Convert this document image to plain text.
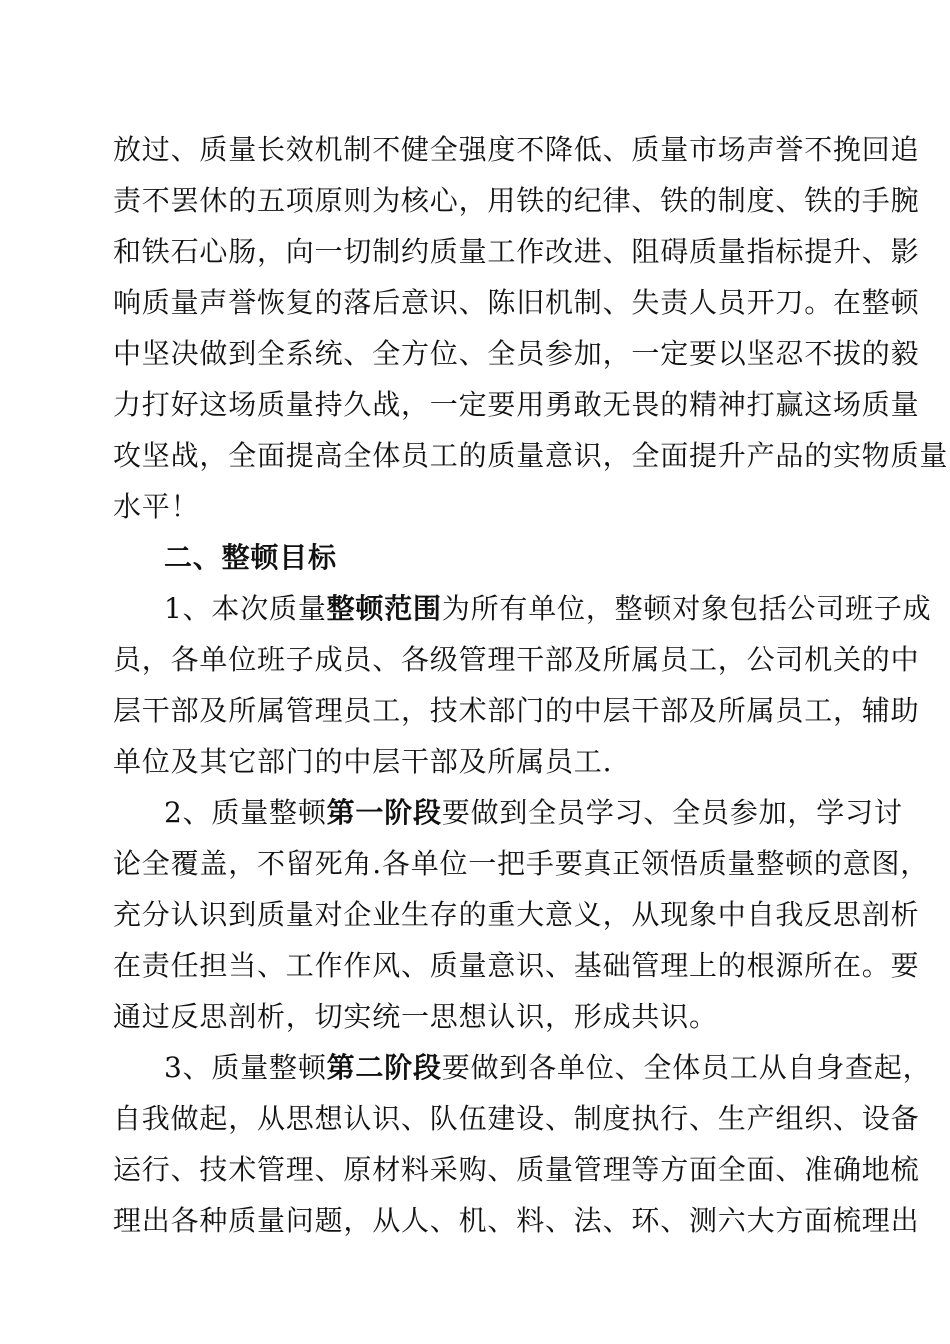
放过、质量长效机制不健全强度不降低、质量市场声誉不挽回追
责不罢休的五项原则为核心，用铁的纪律、铁的制度、铁的手腕
和铁石心肠，向一切制约质量工作改进、阻碍质量指标提升、影
响质量声誉恢复的落后意识、陈旧机制、失责人员开刀。在整顿
中坚决做到全系统、全方位、全员参加，一定要以坚忍不拔的毅
力打好这场质量持久战，一定要用勇敢无畏的精神打赢这场质量
攻坚战，全面提高全体员工的质量意识，全面提升产品的实物质量
水平！
二、整顿目标
1、本次质量整顿范围为所有单位，整顿对象包括公司班子成
员，各单位班子成员、各级管理干部及所属员工，公司机关的中
层干部及所属管理员工，技术部门的中层干部及所属员工，辅助
单位及其它部门的中层干部及所属员工.
2、质量整顿第一阶段要做到全员学习、全员参加，学习讨
论全覆盖，不留死角.各单位一把手要真正领悟质量整顿的意图，
充分认识到质量对企业生存的重大意义，从现象中自我反思剖析
在责任担当、工作作风、质量意识、基础管理上的根源所在。要
通过反思剖析，切实统一思想认识，形成共识。
3、质量整顿第二阶段要做到各单位、全体员工从自身查起，
自我做起，从思想认识、队伍建设、制度执行、生产组织、设备
运行、技术管理、原材料采购、质量管理等方面全面、准确地梳
理出各种质量问题，从人、机、料、法、环、测六大方面梳理出
